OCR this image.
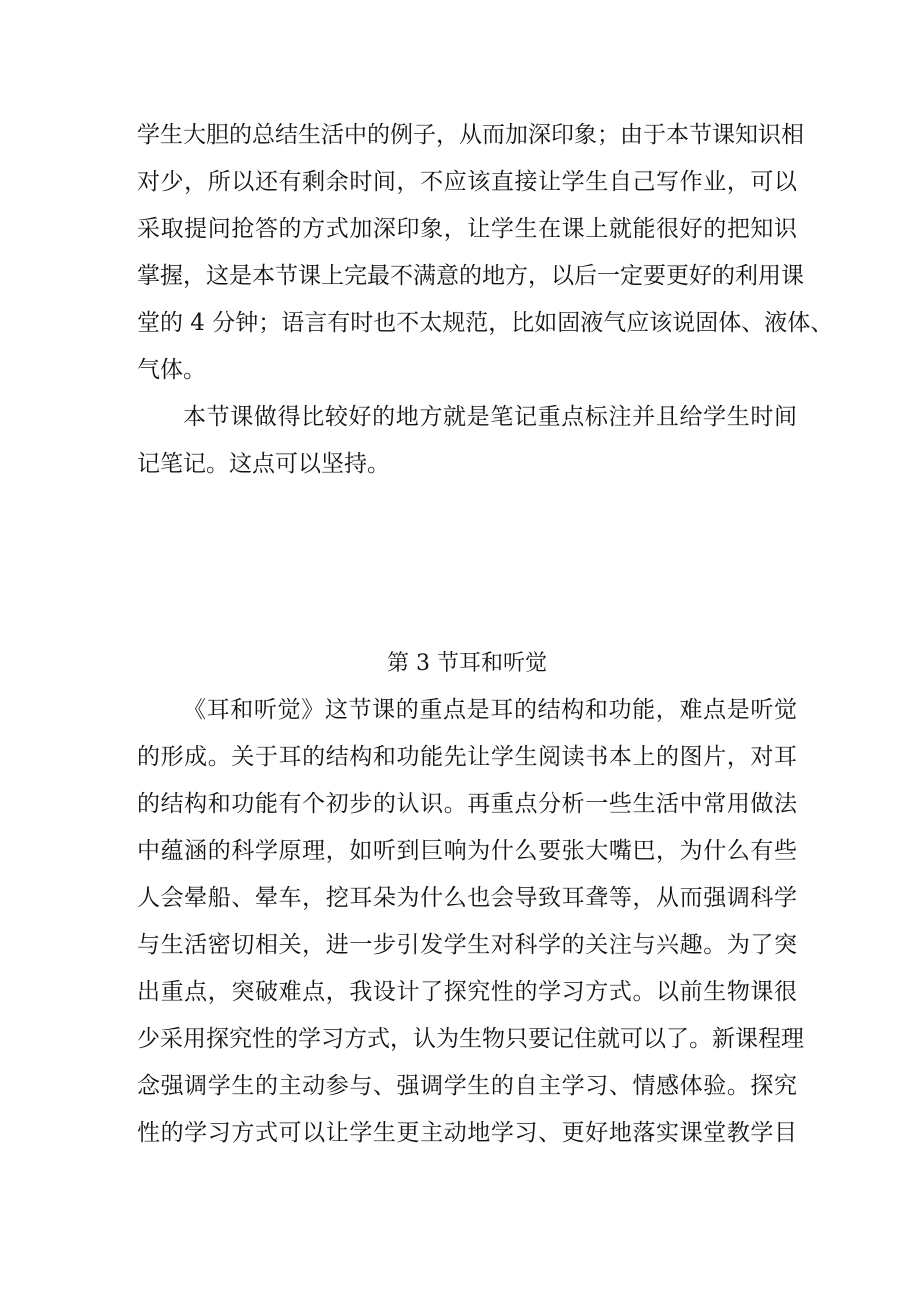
学生大胆的总结生活中的例子，从而加深印象；由于本节课知识相
对少，所以还有剩余时间，不应该直接让学生自己写作业，可以
采取提问抢答的方式加深印象，让学生在课上就能很好的把知识
掌握，这是本节课上完最不满意的地方，以后一定要更好的利用课
堂的 4 分钟；语言有时也不太规范，比如固液气应该说固体、液体、
气体。
本节课做得比较好的地方就是笔记重点标注并且给学生时间
记笔记。这点可以坚持。
第 3 节耳和听觉
《耳和听觉》这节课的重点是耳的结构和功能，难点是听觉
的形成。关于耳的结构和功能先让学生阅读书本上的图片，对耳
的结构和功能有个初步的认识。再重点分析一些生活中常用做法
中蕴涵的科学原理，如听到巨响为什么要张大嘴巴，为什么有些
人会晕船、晕车，挖耳朵为什么也会导致耳聋等，从而强调科学
与生活密切相关，进一步引发学生对科学的关注与兴趣。为了突
出重点，突破难点，我设计了探究性的学习方式。以前生物课很
少采用探究性的学习方式，认为生物只要记住就可以了。新课程理
念强调学生的主动参与、强调学生的自主学习、情感体验。探究
性的学习方式可以让学生更主动地学习、更好地落实课堂教学目
